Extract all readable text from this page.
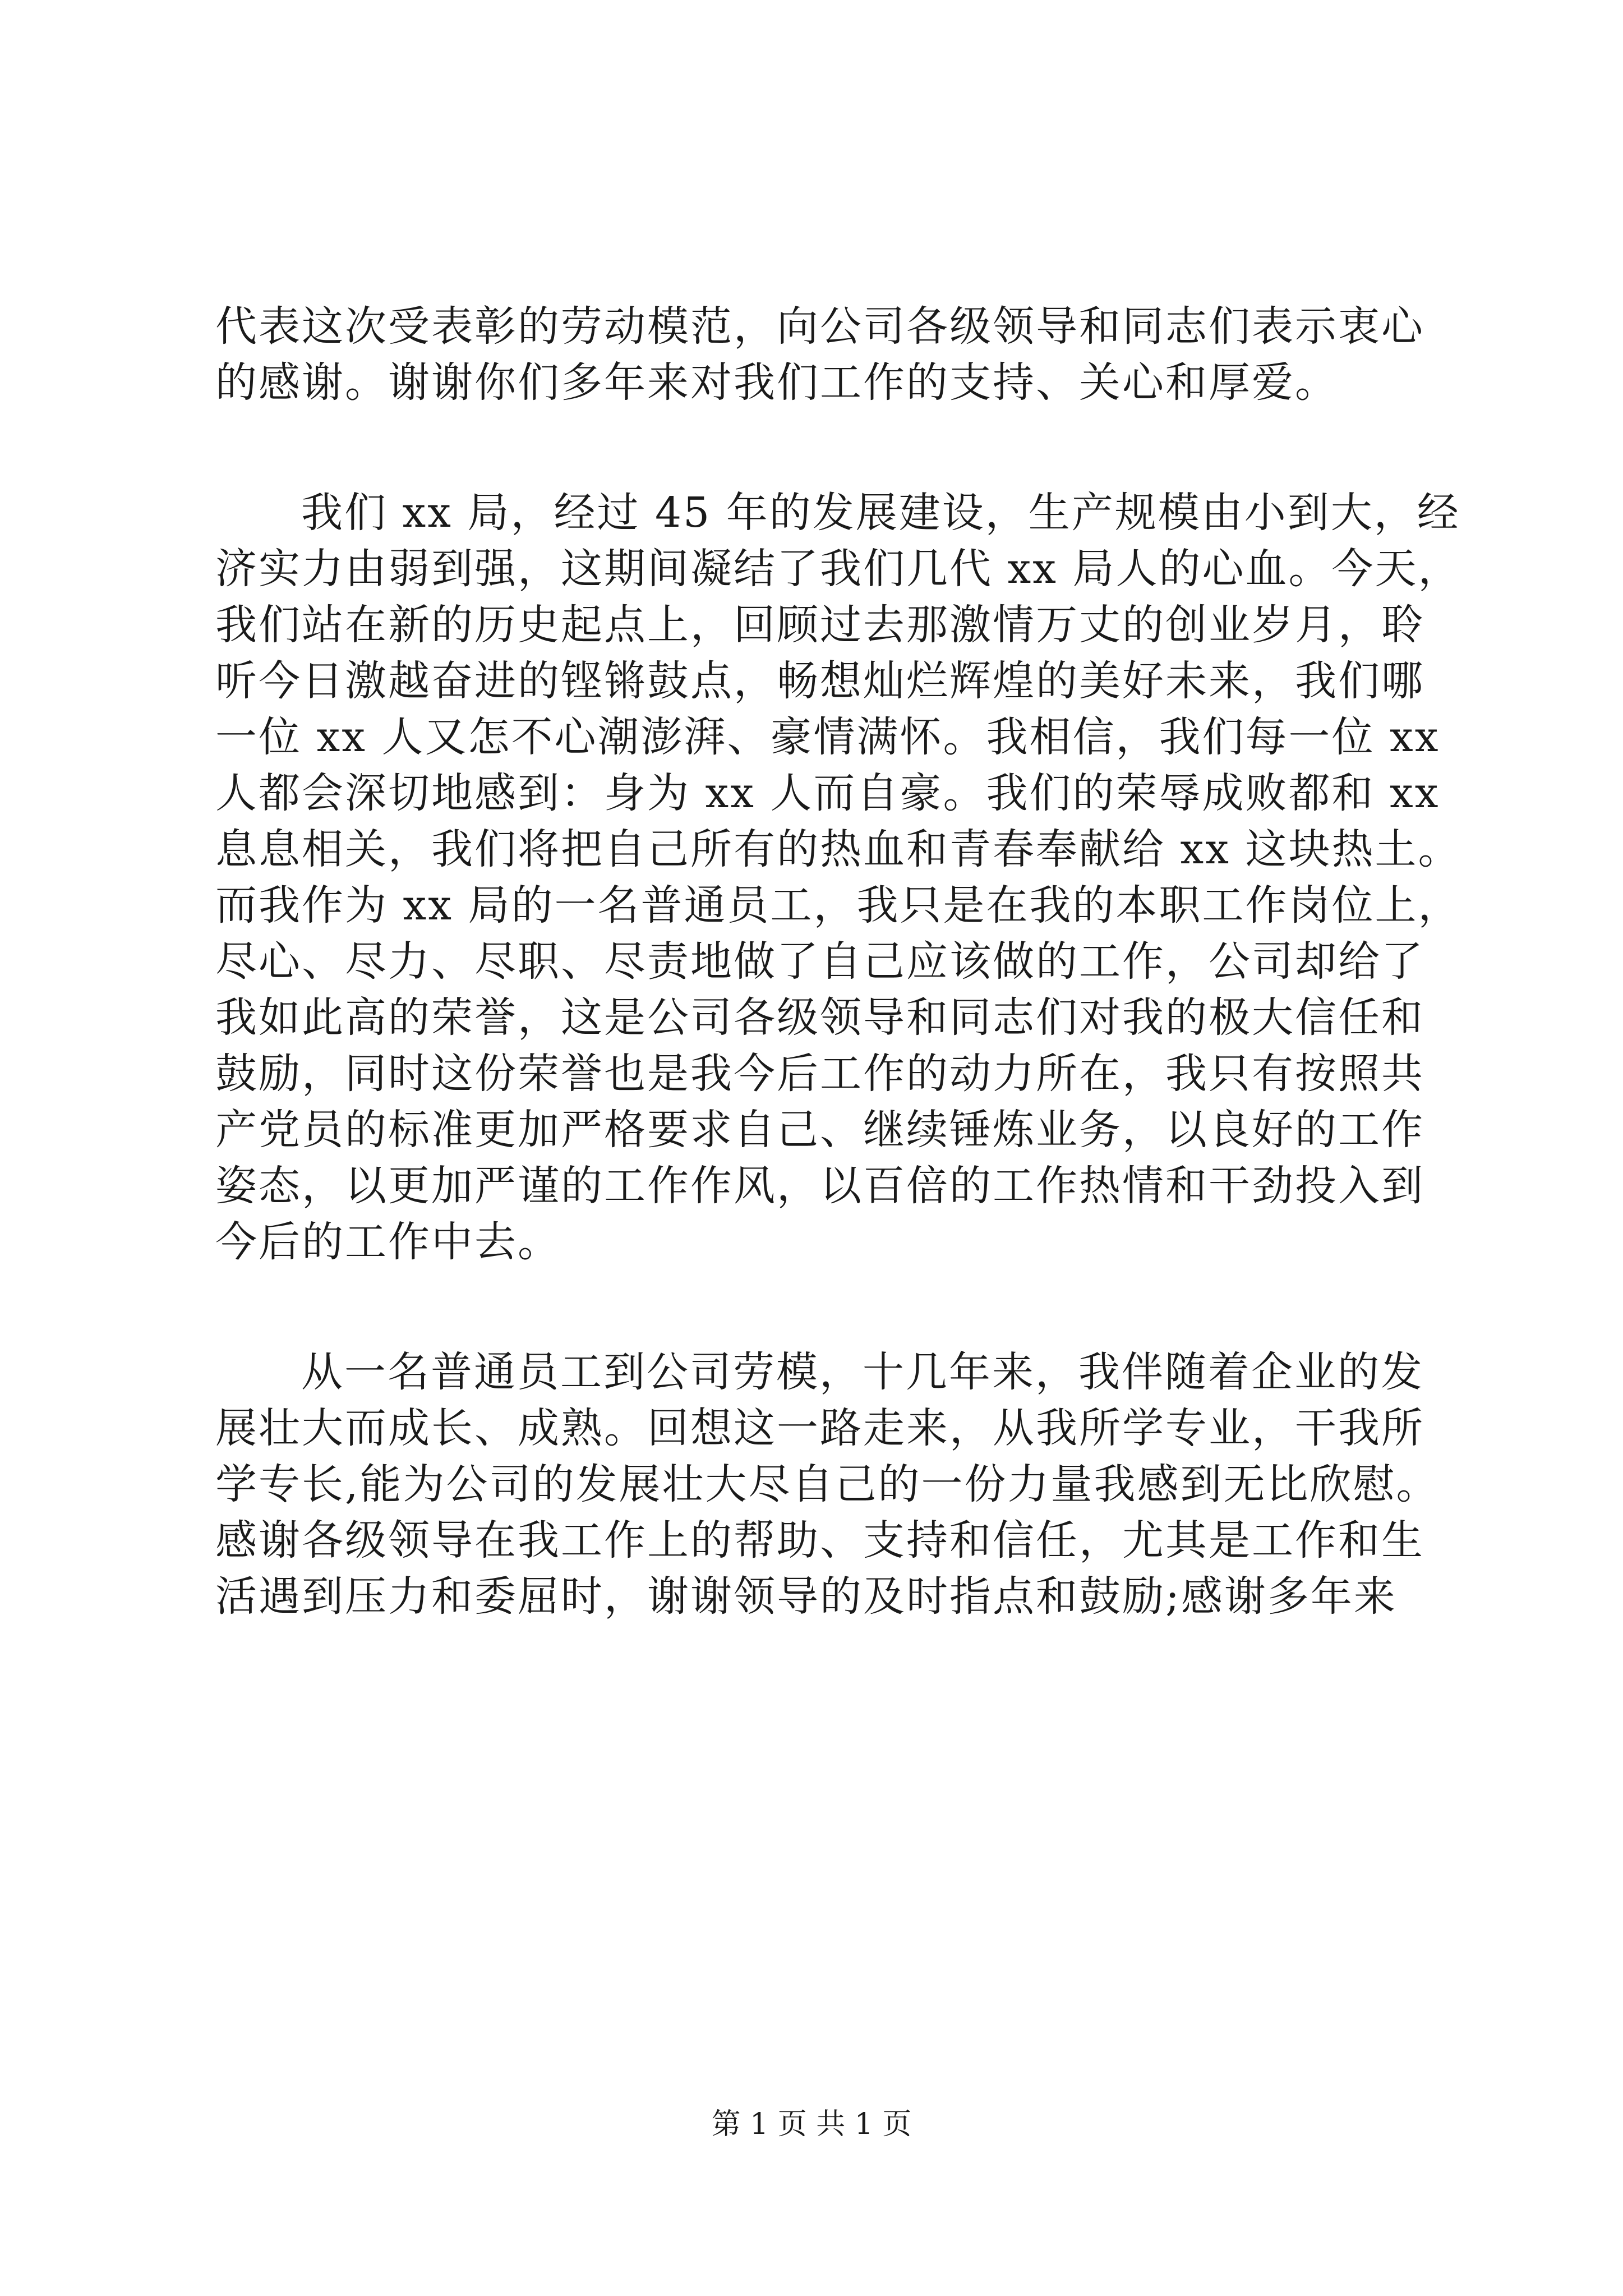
代表这次受表彰的劳动模范，向公司各级领导和同志们表示衷心
的感谢。谢谢你们多年来对我们工作的支持、关心和厚爱。
我们 xx 局，经过 45 年的发展建设，生产规模由小到大，经
济实力由弱到强，这期间凝结了我们几代 xx 局人的心血。今天，
我们站在新的历史起点上，回顾过去那激情万丈的创业岁月，聆
听今日激越奋进的铿锵鼓点，畅想灿烂辉煌的美好未来，我们哪
一位 xx 人又怎不心潮澎湃、豪情满怀。我相信，我们每一位 xx
人都会深切地感到：身为 xx 人而自豪。我们的荣辱成败都和 xx
息息相关，我们将把自己所有的热血和青春奉献给 xx 这块热土。
而我作为 xx 局的一名普通员工，我只是在我的本职工作岗位上，
尽心、尽力、尽职、尽责地做了自己应该做的工作，公司却给了
我如此高的荣誉，这是公司各级领导和同志们对我的极大信任和
鼓励，同时这份荣誉也是我今后工作的动力所在，我只有按照共
产党员的标准更加严格要求自己、继续锤炼业务，以良好的工作
姿态，以更加严谨的工作作风，以百倍的工作热情和干劲投入到
今后的工作中去。
从一名普通员工到公司劳模，十几年来，我伴随着企业的发
展壮大而成长、成熟。回想这一路走来，从我所学专业，干我所
学专长,能为公司的发展壮大尽自己的一份力量我感到无比欣慰。
感谢各级领导在我工作上的帮助、支持和信任，尤其是工作和生
活遇到压力和委屈时，谢谢领导的及时指点和鼓励;感谢多年来
第 1 页 共 1 页
